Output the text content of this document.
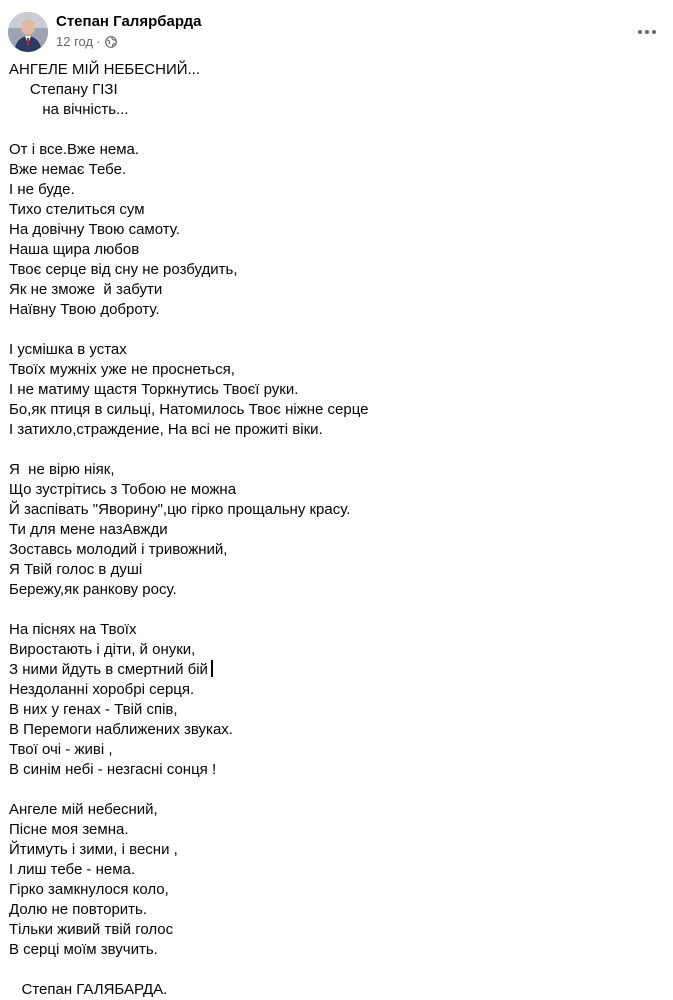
Степан Галярбарда
12 год ·
АНГЕЛЕ МІЙ НЕБЕСНИЙ...
Степану ГІЗІ
на вічність...
От і все.Вже нема.
Вже немає Тебе.
І не буде.
Тихо стелиться сум
На довічну Твою самоту.
Наша щира любов
Твоє серце від сну не розбудить,
Як не зможе  й забути
Наївну Твою доброту.
І усмішка в устах
Твоїх мужніх уже не проснеться,
І не матиму щастя Торкнутись Твоєї руки.
Бо,як птиця в сильці, Натомилось Твоє ніжне серце
І затихло,страждение, На всі не прожиті віки.
Я  не вірю ніяк,
Що зустрітись з Тобою не можна
Й заспівать "Яворину",цю гірко прощальну красу.
Ти для мене назАвжди
Зоставсь молодий і тривожний,
Я Твій голос в душі
Бережу,як ранкову росу.
На піснях на Твоїх
Виростають і діти, й онуки,
З ними йдуть в смертний бій
Нездоланні хоробрі серця.
В них у генах - Твій спів,
В Перемоги наближених звуках.
Твої очі - живі ,
В синім небі - незгасні сонця !
Ангеле мій небесний,
Пісне моя земна.
Йтимуть і зими, і весни ,
І лиш тебе - нема.
Гірко замкнулося коло,
Долю не повторить.
Тільки живий твій голос
В серці моїм звучить.
Степан ГАЛЯБАРДА.
